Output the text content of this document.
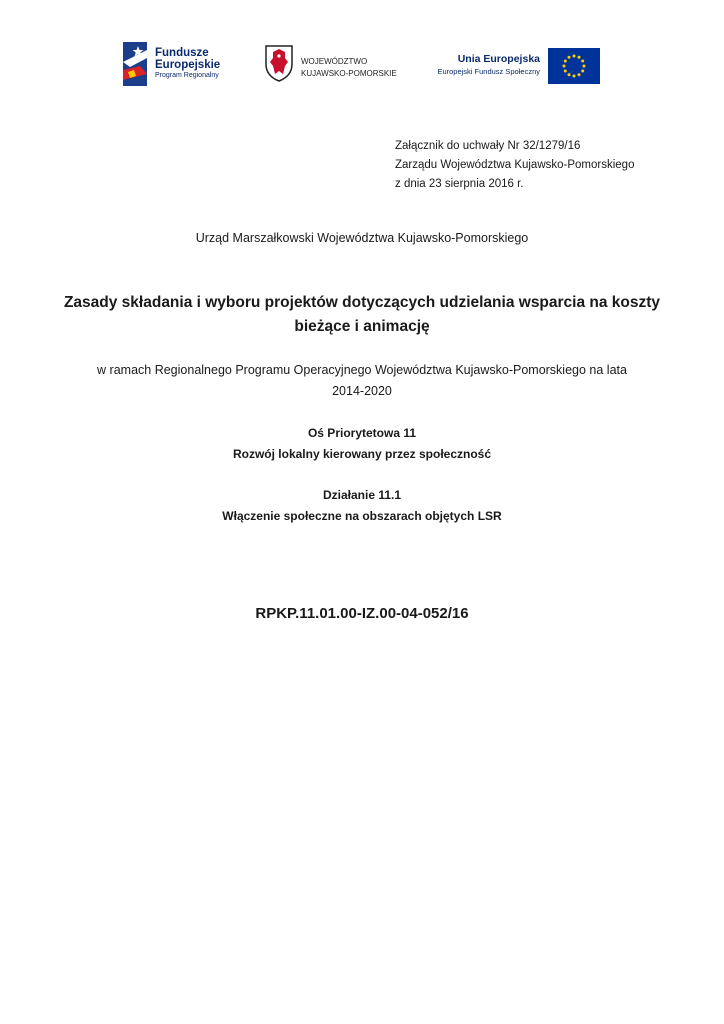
Fundusze
Europejskie
Program Regionalny
WOJEWÓDZTWO
KUJAWSKO-POMORSKIE
Unia Europejska
Europejski Fundusz Społeczny
Załącznik do uchwały Nr 32/1279/16
Zarządu Województwa Kujawsko-Pomorskiego
z dnia 23 sierpnia 2016 r.
Urząd Marszałkowski Województwa Kujawsko-Pomorskiego
Zasady składania i wyboru projektów dotyczących udzielania wsparcia na koszty
bieżące i animację
w ramach Regionalnego Programu Operacyjnego Województwa Kujawsko-Pomorskiego na lata
2014-2020
Oś Priorytetowa 11
Rozwój lokalny kierowany przez społeczność
Działanie 11.1
Włączenie społeczne na obszarach objętych LSR
RPKP.11.01.00-IZ.00-04-052/16
